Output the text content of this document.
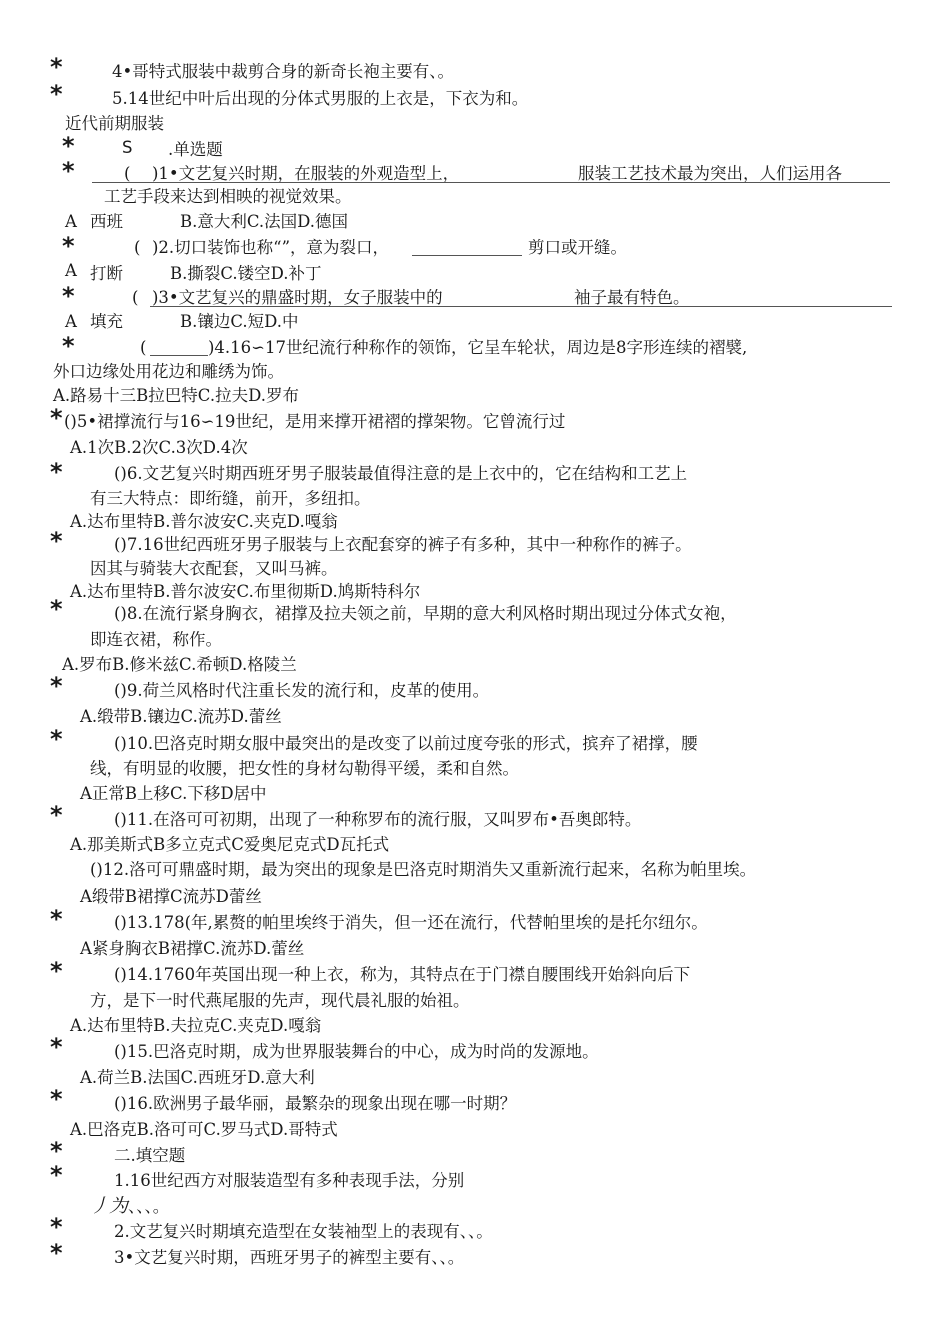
*
*
*
*
*
*
*
*
*
*
*
*
*
*
*
*
*
*
*
*
*
*
4•哥特式服装中裁剪合身的新奇长袍主要有、。
5.14世纪中叶后出现的分体式男服的上衣是，下衣为和。
近代前期服装
S .单选题
( )1•文艺复兴时期，在服装的外观造型上，	服装工艺技术最为突出，人们运用各
工艺手段来达到相映的视觉效果。
A 西班	B.意大利C.法国D.德国
( )2.切口装饰也称“”，意为裂口，	剪口或开缝。
A 打断	B.撕裂C.镂空D.补丁
( )3•文艺复兴的鼎盛时期，女子服装中的	袖子最有特色。
A 填充	B.镶边C.短D.中
(	)4.16∽17世纪流行种称作的领饰，它呈车轮状，周边是8字形连续的褶襞,
外口边缘处用花边和雕绣为饰。
A.路易十三B拉巴特C.拉夫D.罗布
()5•裙撑流行与16∽19世纪，是用来撑开裙褶的撑架物。它曾流行过
A.1次B.2次C.3次D.4次
()6.文艺复兴时期西班牙男子服装最值得注意的是上衣中的，它在结构和工艺上
有三大特点：即绗缝，前开，多纽扣。
A.达布里特B.普尔波安C.夹克D.嘎翁
()7.16世纪西班牙男子服装与上衣配套穿的裤子有多种，其中一种称作的裤子。
因其与骑装大衣配套，又叫马裤。
A.达布里特B.普尔波安C.布里彻斯D.鸠斯特科尔
()8.在流行紧身胸衣，裙撑及拉夫领之前，早期的意大利风格时期出现过分体式女袍，
即连衣裙，称作。
A.罗布B.修米兹C.希顿D.格陵兰
()9.荷兰风格时代注重长发的流行和，皮革的使用。
A.缎带B.镶边C.流苏D.蕾丝
()10.巴洛克时期女服中最突出的是改变了以前过度夸张的形式，摈弃了裙撑，腰
线，有明显的收腰，把女性的身材勾勒得平缓，柔和自然。
A正常B上移C.下移D居中
()11.在洛可可初期，出现了一种称罗布的流行服，又叫罗布•吾奥郎特。
A.那美斯式B多立克式C爱奥尼克式D瓦托式
()12.洛可可鼎盛时期，最为突出的现象是巴洛克时期消失又重新流行起来，名称为帕里埃。
A缎带B裙撑C流苏D蕾丝
()13.178(年,累赘的帕里埃终于消失，但一还在流行，代替帕里埃的是托尔纽尔。
A紧身胸衣B裙撑C.流苏D.蕾丝
()14.1760年英国出现一种上衣，称为，其特点在于门襟自腰围线开始斜向后下
方，是下一时代燕尾服的先声，现代晨礼服的始祖。
A.达布里特B.夫拉克C.夹克D.嘎翁
()15.巴洛克时期，成为世界服装舞台的中心，成为时尚的发源地。
A.荷兰B.法国C.西班牙D.意大利
()16.欧洲男子最华丽，最繁杂的现象出现在哪一时期？
A.巴洛克B.洛可可C.罗马式D.哥特式
二.填空题
1.16世纪西方对服装造型有多种表现手法，分别
丿为、、、。
2.文艺复兴时期填充造型在女装袖型上的表现有、、。
3•文艺复兴时期，西班牙男子的裤型主要有、、。
